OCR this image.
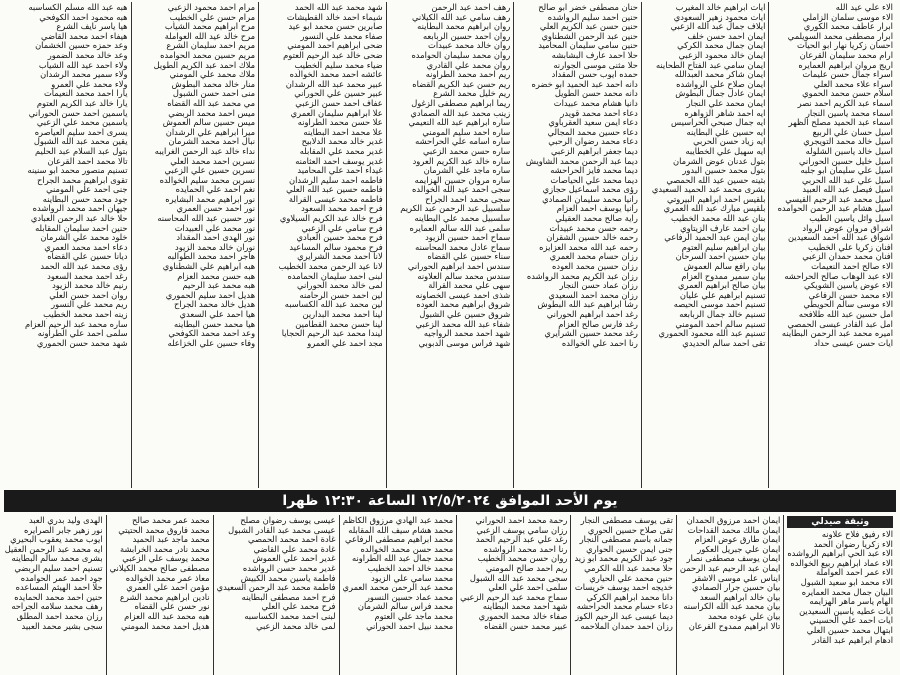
الاء علي عيد الله
الاء موسى سلمان الزاملي
ابرار عاطف محمد الكوري
ابرار مصطفى محمد السويلمي
احسان زكريا نهار ابو الحيات
ارام محمد سليمان القرعان
اريج مروان ابراهيم العمايره
اسراء جمال حسن عليمات
اسراء علاء محمد العلي
اسلام حسن محمد الحموي
اسماء عبد الكريم احمد نصر
اسماء محمد ياسين النجار
اسماء عبد الحميد مصلح الظهر
اسيل حسان علي الربيع
اسيل خالد محمد التويجري
اسيل خالد ياسين الشلوله
اسيل خليل حسين الحوراني
اسيل علي سليمان ابو جلبه
اسيل علي عبد الله الحربي
اسيل فيصل عبد الله العبيد
اسيل محمد عبد الرحيم القيسي
اسيل هشام عبد الرحمن الحوامده
اسيل وائل ياسين الطيب
اشراق مروان عوض الرواد
اشواق عبد الله احمد السعيدين
افنان زكريا علي الخطيب
افنان محمد حمدان الزعبي
الاء صالح احمد النعيمات
الاء عبد الوهاب صالح الحراحشه
الاء عوض ياسين الشويكي
الاء محمد حسن الرفاعي
الاء موسى سالم الحويطي
امل حسين عبد الله طلافحه
امل عبد القادر عيسى الحمصي
اميره محمد عبد الرحمن البطاينه
ايات حسن عيسى حداد
ايات ابراهيم خالد المغيرب
ايات محمود زهير السعودي
ايلاف جمال عبد الله الزعبي
ايمان احمد حسن خلف
ايمان جمال محمد الكركي
ايمان خالد محمود الزعبي
ايمان سامي عبد الفتاح الطحاينه
ايمان شاكر محمد العبدالله
ايمان صلاح علي الرواشده
ايمان عادل جمال البطوش
ايمان محمد علي النجار
ايه احمد شاهر الزواهره
ايه جمال صبحي الحراسيس
ايه حسين علي البطاينه
ايه زياد حسن الحربي
ايه سهيل علي الخطايبه
بتول عدنان عوض الشرمان
بتول محمد حسين البدور
بثينه حسين عيد الله الحمصي
بشرى محمد عبد الحميد السعيدي
بلقيس احمد ابراهيم البيروتي
بلقيس مبارك عبد الله العمري
بنان عبد الله محمد الخطيب
بيان احمد عارف الزيتاوي
بيان ايمن عبد الحميد الرفاعي
بيان ابراهيم سليم العتوم
بيان حسين احمد السرحان
بيان رافع سالم العموش
بيان سمير ممدوح العزام
بيان صالح ابراهيم العمري
تسنيم ابراهيم علي عليان
تسنيم احمد موسى الحيصه
تسنيم خالد جمال الربابعه
تسنيم سالم احمد المومني
تسنيم عبد الله محمود الحموري
تقى احمد سالم الحديدي
حنان مصطفى خضر ابو صالح
حنين احمد سليم الرواشده
حنين حسن عبد الكريم العلي
حنين عبد الرحمن الشطناوي
حنين سامي سليمان المحاميد
حلا احمد عارف البشابشه
حلا مثنى موسى الجوارنه
حمده ايوب حسن المقداد
دانه احمد عبد الحميد ابو خضره
دانه محمد حسن الطويل
دانيا هشام محمد عبيدات
دعاء احمد محمد قويدر
دعاء ايمن سعيد العقرباوي
دعاء حسين محمد المجالي
دعاء محمد رضوان الرحبي
ديما جعفر ابراهيم الزعبي
ديما عبد الرحمن محمد الشاويش
ديما محمد فايز الحراحشه
ديما محمد علي الحياصات
رؤى محمد اسماعيل حجازي
رانيا محمد سليمان الصمادي
رانيا يوسف احمد العزام
راية صالح محمد العقيلي
رحمه حسن محمد عبيدات
رحمه خالد حسين الشقران
رحمه عبد الله محمد العزايزه
رزان حسام محمد العمري
رزان حسين محمد العوده
رزان عبد الكريم محمد الرواشده
رزان عماد حسن النجار
رزان محمد احمد السعيدي
رشا ابراهيم عبد الله البطوش
رغد احمد ابراهيم الحوراني
رغد فارس صالح العزام
رغد محمد حسين الشرايري
رنا احمد علي الخوالده
رهف احمد عبد الرحمن
رهف سامي عبد الله الكيلاني
روان ابراهيم محمد البطاينه
روان احمد حسين الربابعه
روان خالد محمد عبيدات
روان محمد سليمان الحوامده
روان محمد علي القادري
ريم احمد محمد الطراونه
ريم حسن عبد الكريم القضاه
ريم خليل محمد الشرع
ريما ابراهيم مصطفى الزغول
زينب محمد عبد الله الصمادي
ساره ابراهيم عبد الله النعيمي
ساره احمد سليم المومني
ساره اسامه علي الحراحشه
ساره حسن محمد الزعبي
ساره خالد عبد الكريم العرود
ساره ماجد علي الشرمان
ساره مروان حسين الهزايمه
سجى احمد عيد الله الخوالده
سجى محمد احمد الجراح
سلسبيل عبد الرحمن عبد الكريم
سلسبيل محمد علي البطاينه
سلمى عبد الله سالم العمايره
سماح احمد حسين الزيود
سماح عادل محمد المحاسنه
سناء حسين علي القضاه
سندس احمد ابراهيم الحوراني
سندس محمد سالم العلاونه
سهى علي محمد القرالة
شذى احمد عيسى الخصاونه
شروق ابراهيم محمد العوده
شروق حسين علي الشبول
شفاء عبد الله محمد الزعبي
شهد احمد محمد الرواجيه
شهد فراس موسى الدبوبي
شهد محمد عبد الله الحمد
شيماء احمد خالد القطيشات
صابرين حسن محمد ابو عيد
صفاء محمد علي النسور
ضحى ابراهيم احمد المومني
ضحى خالد عبد الرحيم العتوم
ضياء محمد سليم الخطيب
عائشه احمد محمد الخوالده
عبير محمد عبد الله الرشدان
عبير حسين علي الحوراني
عفاف احمد حسن الزعبي
علا ابراهيم سليمان العمري
علا حسن محمد الطراونه
علا محمد احمد البطاينه
غدير خالد محمد الدلابيح
غدير محمد علي المقابله
غدير يوسف احمد العثامنه
غيداء احمد علي المحاميد
فاطمه احمد سليم الرشدان
فاطمه حسين عبد الله العلي
فاطمه محمد عيسى القرالة
فرح احمد محمد السعود
فرح خالد عبد الكريم السيلاوي
فرح سامي علي الزعبي
فرح محمد حسين العبادي
فرح محمود سالم المساعيد
لانا احمد محمد الشرايري
لانا عيد الرحمن محمد الخطيب
لبنى احمد سليمان الحمامده
لمى خالد محمد الحوراني
لين احمد حسن الرحامنه
لين محمد عبد الله الكساسبه
لينا احمد محمد البدارين
لينا حسن محمد القطامين
ليندا محمد عبد الرحيم الحجايا
مجد احمد علي العمرو
مرام احمد محمود الزعبي
مرام حسن علي الخطيب
مرح ابراهيم محمد الشياب
مرح خالد عيد الله العواملة
مريم احمد سليمان الشرع
مريم حسين محمد الحوامده
ملاك احمد عبد الكريم الطويل
ملاك محمد علي المومني
منار خالد محمد البطوش
منى احمد حسن الشبول
مي محمد عبد الله القضاه
ميس احمد محمد الربضي
ميس حسين سالم العموش
ميرا ابراهيم علي الرشدان
نبال احمد محمد الشرمان
نداء خالد عبد الرحمن الغرايبه
نسرين احمد محمد العلي
نسرين حسين علي الزعبي
نسرين محمد سليم الخوالده
نغم احمد علي الحمايده
نور ابراهيم محمد البشايره
نور احمد حسن العمري
نور حسين عبد الله المحاسنه
نور محمد علي العبيدات
نور الهدى احمد المقداد
نوران خالد محمد الزيود
هاجر احمد محمد الطوالبه
هبه ابراهيم علي الشطناوي
هبه حسن محمد العزام
هبه محمد عبد الرحيم
هديل احمد سليم الحموري
هديل خالد محمد الجراح
هيا احمد علي السعدي
هيا محمد حسن البطاينه
وعد احمد محمد الكوفحي
وفاء حسين علي الخزاعله
هبه عبد الله مسلم الكساسبه
هبه محمود احمد الكوفحي
هيا ياسر نايف الشرع
هيفاء احمد محمد القاضي
وعد حمزه حسين الخشمان
وعد خالد محمد الضمور
ولاء احمد عيد الله الشياب
ولاء سمير محمد الرشدان
ولاء محمد علي العمرو
يارا احمد محمد النعيمات
يارا خالد عبد الكريم العتوم
ياسمين احمد حسن الحوراني
ياسمين محمد علي الزعبي
يسرى احمد سليم العياصره
يقين محمد عبد الله الشبول
بتول عبد السلام عبد الحليم
تالا محمد احمد القرعان
تسنيم منصور محمد ابو سنينه
تقوى ابراهيم محمد الجراح
جنى احمد علي المومني
جود محمد حسن البطاينه
جيهان احمد محمد الرواشده
حلا خالد عبد الرحمن العبادي
حنين احمد سليمان المقابله
خلود محمد علي الشرمان
دعاء احمد محمد العمري
ديانا حسين علي القضاه
رؤى محمد عبد الله الحمد
رغد احمد محمد السعود
رنيم خالد محمد الزيود
روان احمد حسن العلي
ريم محمد علي النسور
زينه احمد محمد الخطيب
ساره محمد عبد الرحيم العزام
سلمى احمد علي الطراونه
شهد محمد حسن الحموري
يوم الأحد الموافق ١٢/٥/٢٠٢٤ الساعة ١٢:٣٠ ظهرا
وثيقة صيدلي
الاء رفيق فلاح علاونه
الاء زكريا رضوان الحمد
الاء عبد الحي ابراهيم الرواشده
الاء عماد ابراهيم ربيع الخوالده
الاء عمر احمد العواملة
الاء محمد ابو سعيد الشبول
البيان جمال محمد العمايره
الهام ياسر ماهر الهزايمه
ايات عطيه ياسين السعيدين
ايات احمد علي الحسيني
ابتهال محمد حسين العلي
ادهام ابراهيم عبد القادر
ايمان احمد مرزوق الحمدان
ايمان مالك محمد القداحات
ايمان طارق عوض العزام
ايمان علي جبريل العكور
ايمان يوسف مصطفى نصار
ايمان عبد الرحيم عبد الرحمن
ايناس علي موسى الاشقر
بيان حسين جرار الصمادي
بيان خالد ابراهيم السعد
بيان محمد عبد الله الكراسنه
بيان علي عوده محمد
تالا ابراهيم ممدوح القرعان
تقى يوسف مصطفى النجار
تقى صلاح حسين الحوري
جمانه باسم مصطفى النجار
جنى ايمن حسين الحواري
جود عبد الكريم محمد ابو زيد
حلا محمد عبد الله الكرمي
حنين محمد علي الحياري
خديجه احمد يوسف خريسات
دانا محمد ابراهيم الكركي
دعاء حسام محمد الحراحشه
ديما عيسى عبد الرحيم الكوز
رزان احمد حمدان الملاحمه
رحمة محمد احمد الحوراني
رزان سامي يوسف الزعبي
رغد علي عبد الرحيم الحمد
رنا احمد محمد الرواشده
روان حسن محمد الخطيب
ريم احمد صالح المومني
سجى محمد عبد الله الشبول
سلمى احمد علي العلي
سماح محمد عبد الرحيم الزعبي
شهد احمد محمد البطاينه
صفاء خالد محمد الحموري
عبير محمد حسن القضاه
محمد عبد الهادي مرزوق الكاظم
محمد هشام سيف الله المقابله
محمد ابراهيم مصطفى الرفاعي
محمد حسن محمد الخوالده
محمد جمال عبد الله الطراونه
محمد خالد احمد الخطيب
محمد سامي علي الزيود
محمد عبد الرحمن محمد العمري
محمد عماد حسين النسور
محمد فراس سالم الشرمان
محمد ماجد علي العتوم
محمد نبيل احمد الحوراني
عيسى يوسف رضوان مصلح
عيسى محمد عبد القادر الشبول
غادة احمد محمد الحمصي
غادة محمد علي القاضي
غدير احمد علي العموش
غدير محمد حسن الرواشده
فاطمة ياسين محمد الكبيش
فاطمة محمد عبد الرحمن السعيدي
فرح احمد مصطفى البطاينه
فرح محمد علي العلي
لبنى احمد محمد الكساسبه
لمى خالد محمد الزعبي
محمد عمر محمد صالح
محمد فاروق محمد الحتيتي
محمد ماجد عبد الحميد
محمد نادر محمد الخرابشة
محمد يوسف علي الزعبي
مصطفى صالح محمد الكيلاني
معاذ عمر محمد الخوالده
مؤمن احمد علي العمري
نادين ابراهيم محمد الشرع
نور حسن علي القضاه
هبه محمد عبد الله العزام
هديل احمد محمد المومني
الهدى وليد بدري العبد
نور زهير جابر الصرايره
ايوب محمد يعقوب البحيري
ايه محمد عبد الرحمن العقيل
بشرى محمد سالم البطاينه
تسنيم احمد سليم الربضي
جود احمد عمر الحوامده
حلا احمد الهيثم المساعده
حنين احمد محمد الحمايده
رهف محمد سلامه الجراحه
رزان محمد احمد المطلق
سجى بشير محمد العبيد
